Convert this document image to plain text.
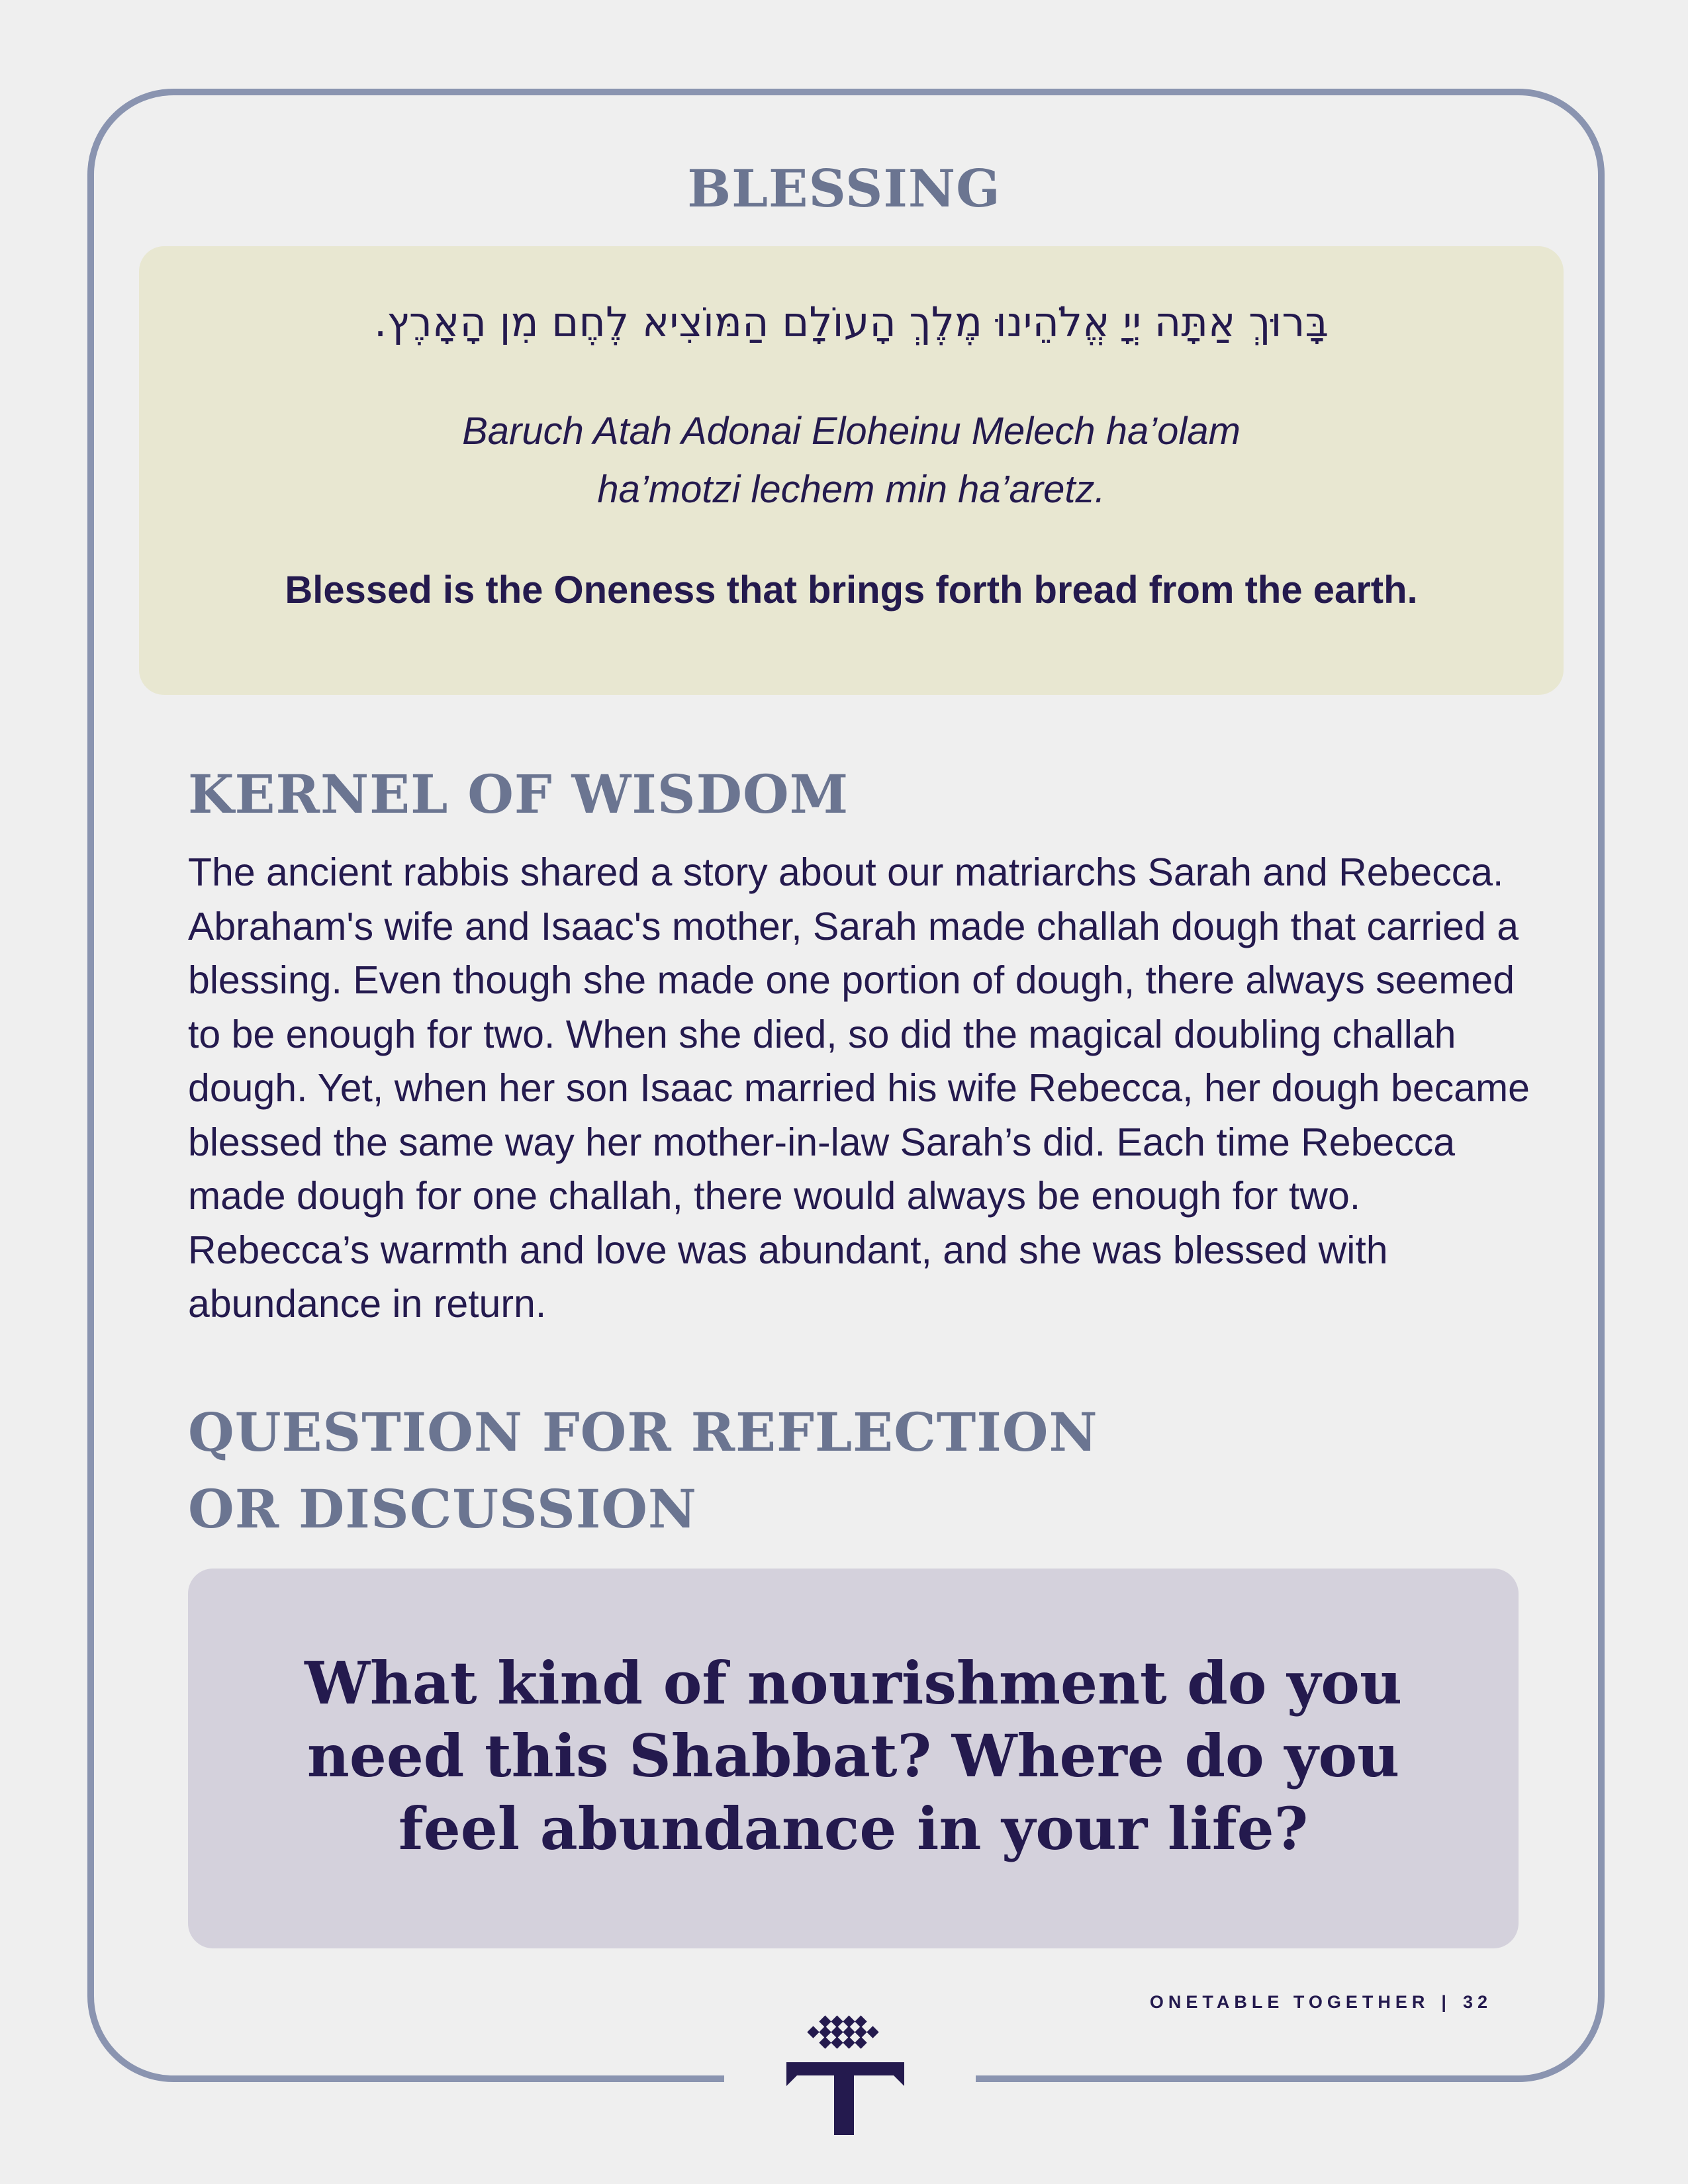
BLESSING
בָּרוּךְ אַתָּה יְיָ אֱלֹהֵינוּ מֶלֶךְ הָעוֹלָם הַמּוֹצִיא לֶחֶם מִן הָאָרֶץ.
Baruch Atah Adonai Eloheinu Melech ha’olam
ha’motzi lechem min ha’aretz.
Blessed is the Oneness that brings forth bread from the earth.
KERNEL OF WISDOM
The ancient rabbis shared a story about our matriarchs Sarah and Rebecca. Abraham's wife and Isaac's mother, Sarah made challah dough that carried a blessing. Even though she made one portion of dough, there always seemed to be enough for two. When she died, so did the magical doubling challah dough. Yet, when her son Isaac married his wife Rebecca, her dough became blessed the same way her mother-in-law Sarah’s did. Each time Rebecca made dough for one challah, there would always be enough for two. Rebecca’s warmth and love was abundant, and she was blessed with abundance in return.
QUESTION FOR REFLECTION
OR DISCUSSION
What kind of nourishment do you
need this Shabbat? Where do you
feel abundance in your life?
ONETABLE TOGETHER | 32
